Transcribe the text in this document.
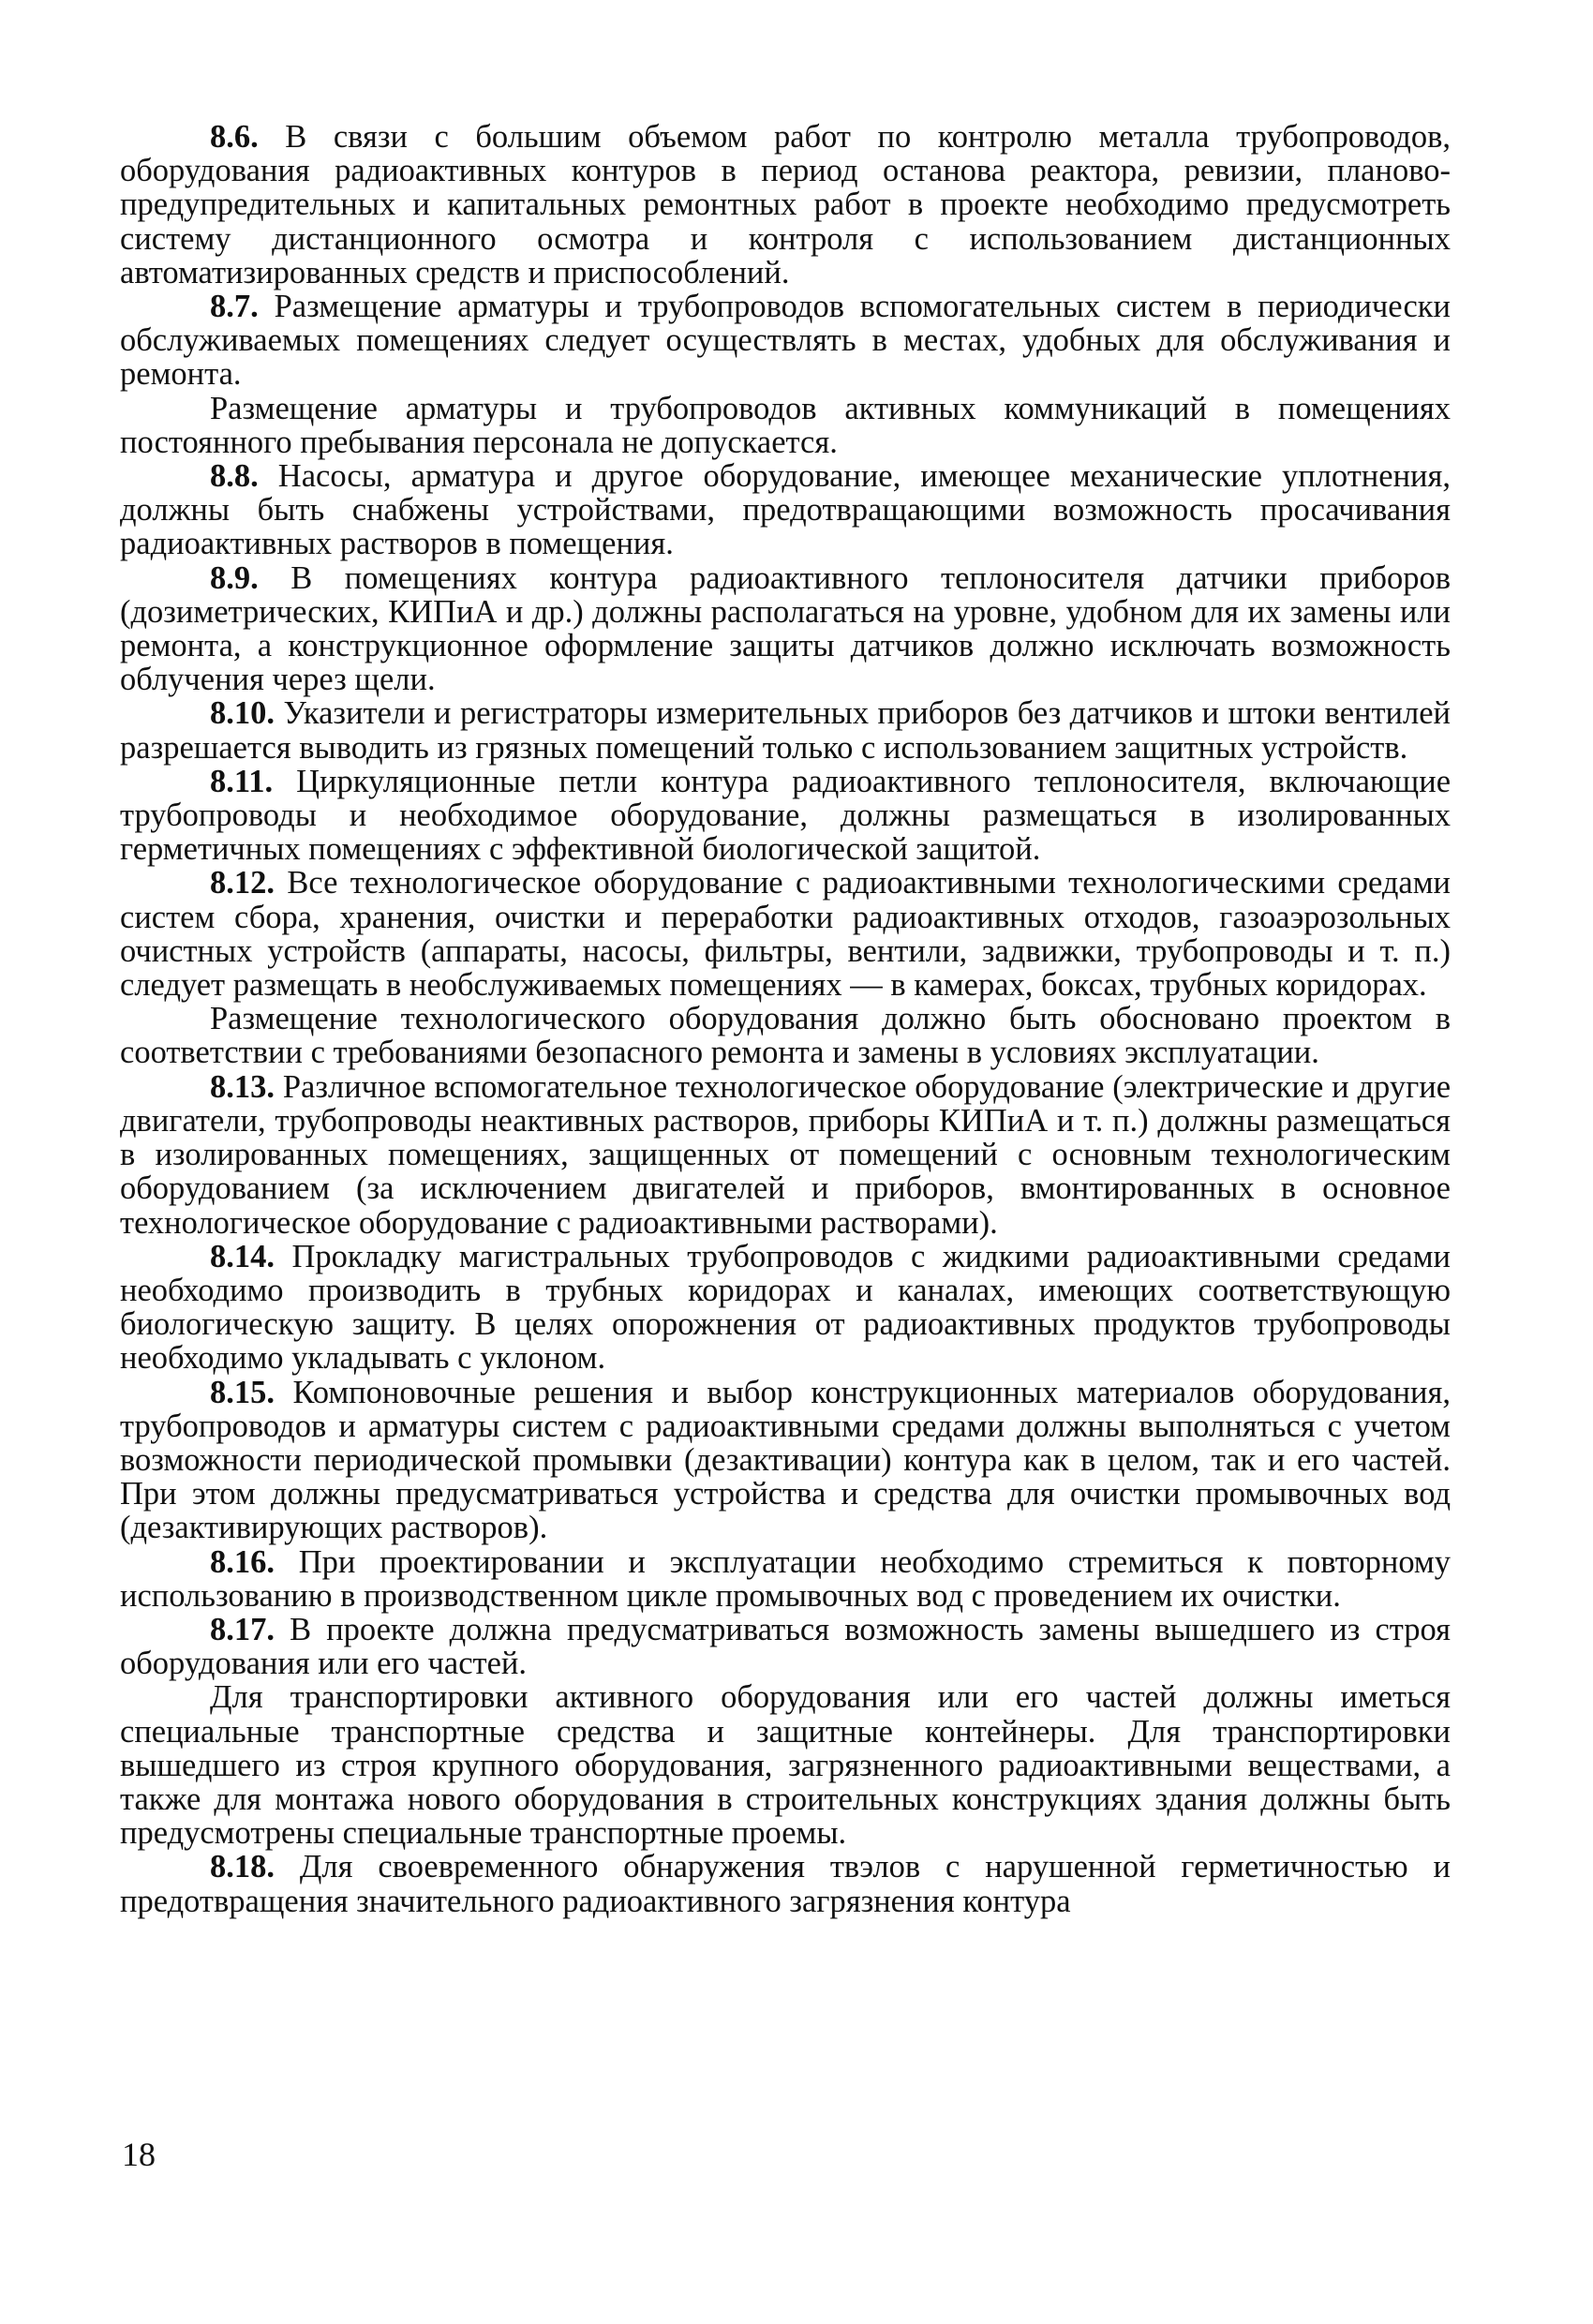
8.6. В связи с большим объемом работ по контролю металла трубопроводов, оборудования радиоактивных контуров в период останова реактора, ревизии, планово-предупредительных и капитальных ремонтных работ в проекте необходимо предусмотреть систему дистанционного осмотра и контроля с использованием дистанционных автоматизированных средств и приспособлений.

8.7. Размещение арматуры и трубопроводов вспомогательных систем в периодически обслуживаемых помещениях следует осуществлять в местах, удобных для обслуживания и ремонта.

Размещение арматуры и трубопроводов активных коммуникаций в помещениях постоянного пребывания персонала не допускается.

8.8. Насосы, арматура и другое оборудование, имеющее механические уплотнения, должны быть снабжены устройствами, предотвращающими возможность просачивания радиоактивных растворов в помещения.

8.9. В помещениях контура радиоактивного теплоносителя датчики приборов (дозиметрических, КИПиА и др.) должны располагаться на уровне, удобном для их замены или ремонта, а конструкционное оформление защиты датчиков должно исключать возможность облучения через щели.

8.10. Указители и регистраторы измерительных приборов без датчиков и штоки вентилей разрешается выводить из грязных помещений только с использованием защитных устройств.

8.11. Циркуляционные петли контура радиоактивного теплоносителя, включающие трубопроводы и необходимое оборудование, должны размещаться в изолированных герметичных помещениях с эффективной биологической защитой.

8.12. Все технологическое оборудование с радиоактивными технологическими средами систем сбора, хранения, очистки и переработки радиоактивных отходов, газоаэрозольных очистных устройств (аппараты, насосы, фильтры, вентили, задвижки, трубопроводы и т. п.) следует размещать в необслуживаемых помещениях — в камерах, боксах, трубных коридорах.

Размещение технологического оборудования должно быть обосновано проектом в соответствии с требованиями безопасного ремонта и замены в условиях эксплуатации.

8.13. Различное вспомогательное технологическое оборудование (электрические и другие двигатели, трубопроводы неактивных растворов, приборы КИПиА и т. п.) должны размещаться в изолированных помещениях, защищенных от помещений с основным технологическим оборудованием (за исключением двигателей и приборов, вмонтированных в основное технологическое оборудование с радиоактивными растворами).

8.14. Прокладку магистральных трубопроводов с жидкими радиоактивными средами необходимо производить в трубных коридорах и каналах, имеющих соответствующую биологическую защиту. В целях опорожнения от радиоактивных продуктов трубопроводы необходимо укладывать с уклоном.

8.15. Компоновочные решения и выбор конструкционных материалов оборудования, трубопроводов и арматуры систем с радиоактивными средами должны выполняться с учетом возможности периодической промывки (дезактивации) контура как в целом, так и его частей. При этом должны предусматриваться устройства и средства для очистки промывочных вод (дезактивирующих растворов).

8.16. При проектировании и эксплуатации необходимо стремиться к повторному использованию в производственном цикле промывочных вод с проведением их очистки.

8.17. В проекте должна предусматриваться возможность замены вышедшего из строя оборудования или его частей.

Для транспортировки активного оборудования или его частей должны иметься специальные транспортные средства и защитные контейнеры. Для транспортировки вышедшего из строя крупного оборудования, загрязненного радиоактивными веществами, а также для монтажа нового оборудования в строительных конструкциях здания должны быть предусмотрены специальные транспортные проемы.

8.18. Для своевременного обнаружения твэлов с нарушенной герметичностью и предотвращения значительного радиоактивного загрязнения контура

18
